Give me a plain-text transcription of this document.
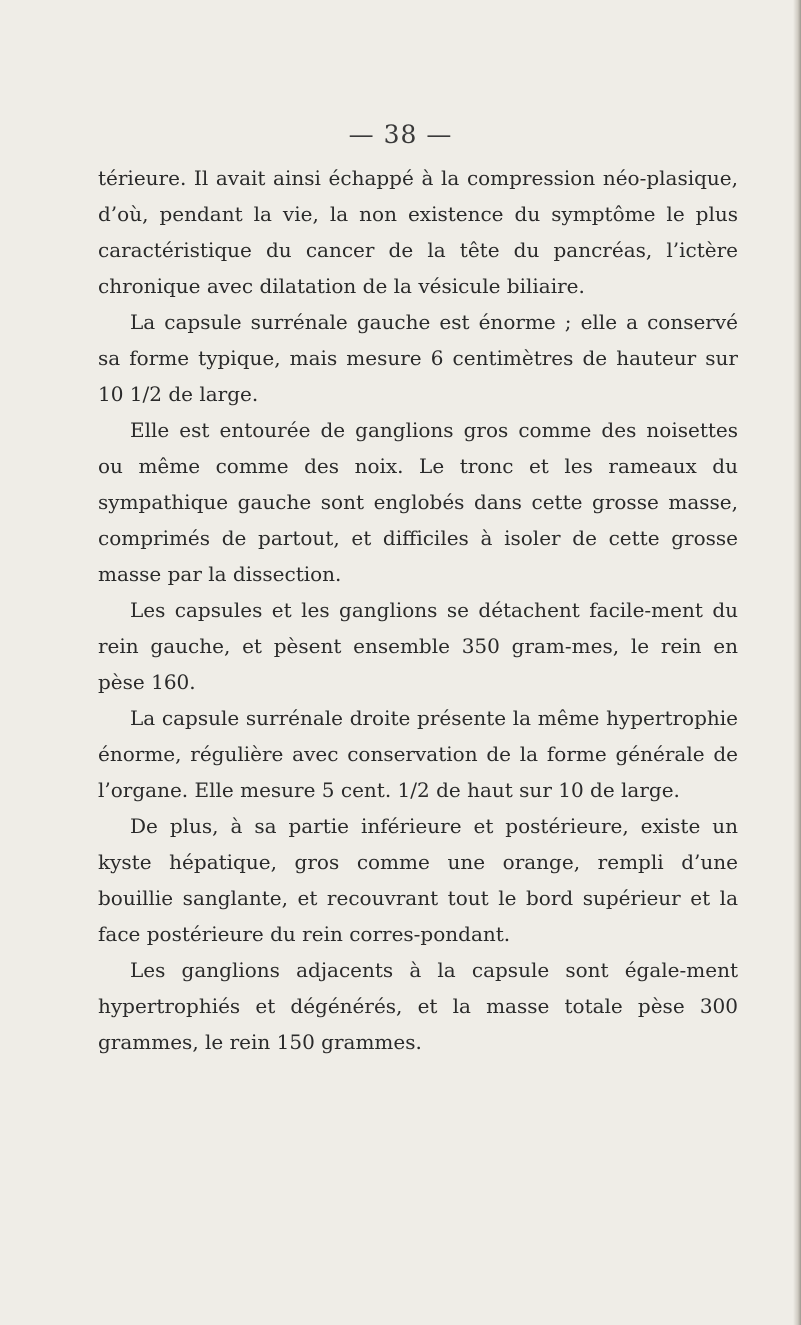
— 38 —

térieure. Il avait ainsi échappé à la compression néo-plasique, d’où, pendant la vie, la non existence du symptôme le plus caractéristique du cancer de la tête du pancréas, l’ictère chronique avec dilatation de la vésicule biliaire.

La capsule surrénale gauche est énorme ; elle a conservé sa forme typique, mais mesure 6 centimètres de hauteur sur 10 1/2 de large.

Elle est entourée de ganglions gros comme des noisettes ou même comme des noix. Le tronc et les rameaux du sympathique gauche sont englobés dans cette grosse masse, comprimés de partout, et difficiles à isoler de cette grosse masse par la dissection.

Les capsules et les ganglions se détachent facile-ment du rein gauche, et pèsent ensemble 350 gram-mes, le rein en pèse 160.

La capsule surrénale droite présente la même hypertrophie énorme, régulière avec conservation de la forme générale de l’organe. Elle mesure 5 cent. 1/2 de haut sur 10 de large.

De plus, à sa partie inférieure et postérieure, existe un kyste hépatique, gros comme une orange, rempli d’une bouillie sanglante, et recouvrant tout le bord supérieur et la face postérieure du rein corres-pondant.

Les ganglions adjacents à la capsule sont égale-ment hypertrophiés et dégénérés, et la masse totale pèse 300 grammes, le rein 150 grammes.
